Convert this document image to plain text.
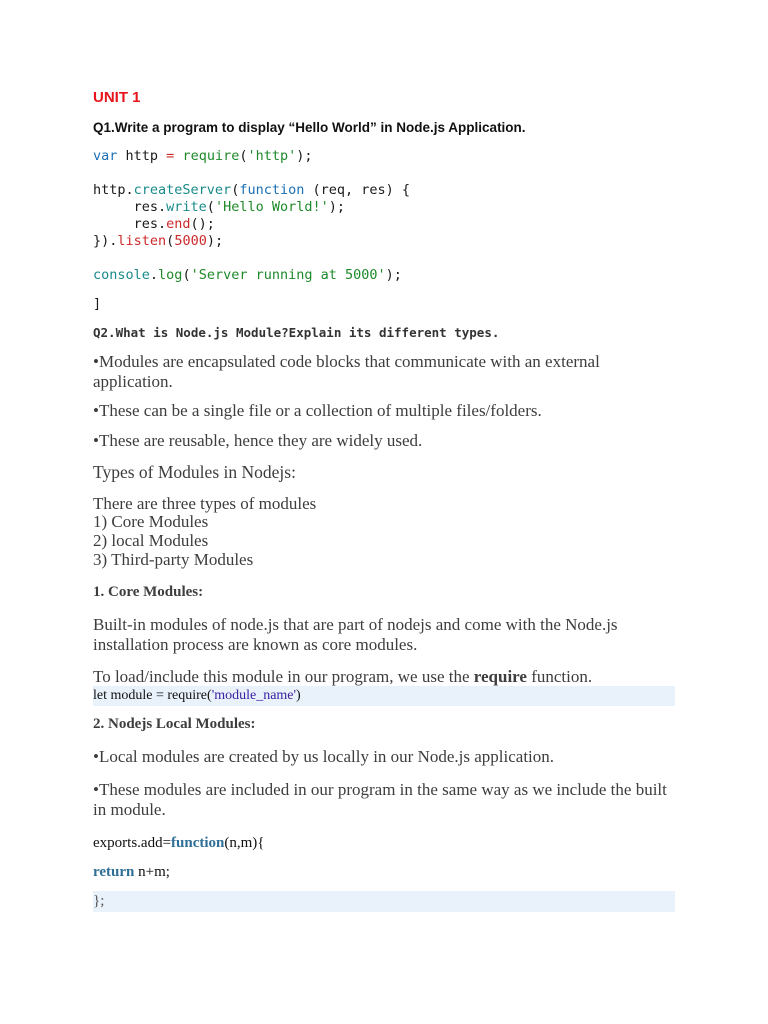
UNIT 1

Q1.Write a program to display “Hello World” in Node.js Application.

var http = require('http');

http.createServer(function (req, res) {

res.write('Hello World!');

res.end();

}).listen(5000);

console.log('Server running at 5000');

]

Q2.What is Node.js Module?Explain its different types.

•Modules are encapsulated code blocks that communicate with an external application.

•These can be a single file or a collection of multiple files/folders.

•These are reusable, hence they are widely used.

Types of Modules in Nodejs:

There are three types of modules

1) Core Modules

2) local Modules

3) Third-party Modules

1. Core Modules:

Built-in modules of node.js that are part of nodejs and come with the Node.js installation process are known as core modules.

To load/include this module in our program, we use the require function.

let module = require('module_name')

2. Nodejs Local Modules:

•Local modules are created by us locally in our Node.js application.

•These modules are included in our program in the same way as we include the built in module.

exports.add=function(n,m){

return n+m;

};
